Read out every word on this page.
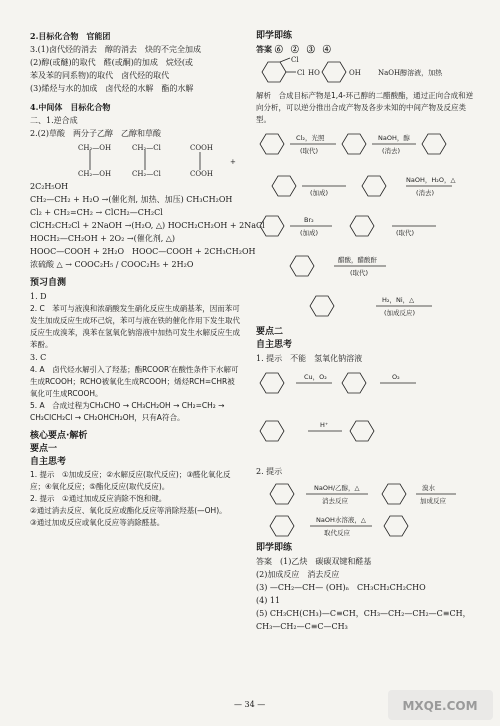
2.目标化合物　官能团
3.(1)卤代烃的消去　醇的消去　炔的不完全加成
(2)醇(或醚)的取代　醛(或酮)的加成　烷烃(或
苯及苯的同系物)的取代　卤代烃的取代
(3)烯烃与水的加成　卤代烃的水解　酯的水解
4.中间体　目标化合物
二、1.逆合成
2.(2)草酸　两分子乙醇　乙醇和草酸
CH₂—OH
CH₂—OH
CH₂—Cl
CH₂—Cl
COOH
COOH
+
2C₂H₅OH
CH₂—CH₂ + H₂O →(催化剂, 加热、加压) CH₃CH₂OH
Cl₂ + CH₂=CH₂ → ClCH₂—CH₂Cl
ClCH₂CH₂Cl + 2NaOH →(H₂O, △) HOCH₂CH₂OH + 2NaCl
HOCH₂—CH₂OH + 2O₂ →(催化剂, △)
HOOC—COOH + 2H₂O　HOOC—COOH + 2CH₃CH₂OH
浓硫酸 △ → COOC₂H₅ / COOC₂H₅ + 2H₂O
预习自测
1. D
2. C　苯可与液溴和浓硝酸发生硝化反应生成硝基苯，因而苯可发生加成反应生成环己烷，苯可与液在铁的催化作用下发生取代反应生成溴苯，溴苯在氢氧化钠溶液中加热可发生水解反应生成苯酚。
3. C
4. A　卤代烃水解引入了羟基；酯RCOOR′在酸性条件下水解可生成RCOOH；RCHO被氧化生成RCOOH；烯烃RCH=CHR被氧化可生成RCOOH。
5. A　合成过程为CH₃CHO → CH₃CH₂OH → CH₂=CH₂ → CH₂ClCH₂Cl → CH₂OHCH₂OH，只有A符合。
核心要点·解析
要点一
自主思考
1. 提示　①加成反应；②水解反应(取代反应)；③醛化氧化反应；④氧化反应；⑤酯化反应(取代反应)。
2. 提示　①通过加成反应消除不饱和键。
②通过消去反应、氧化反应或酯化反应等消除羟基(—OH)。
③通过加成反应或氧化反应等消除醛基。
即学即练
答案 ⑥　②　③　④
Cl
Cl HO	OH NaOH醇溶液，加热
解析　合成目标产物是1,4-环己醇的二醋酸酯，通过正向合成和逆向分析，可以逆分推出合成产物及各步未知的中间产物及反应类型。
Cl₂，光照
(取代)
NaOH，醇
(消去)
(加成)
NaOH，H₂O，△
(消去)
Br₂
(加成)	(取代)
醋酸，醋酸酐
(取代)
H₂，Ni，△
(加成反应)
要点二
自主思考
1. 提示　不能　氢氧化钠溶液
Cu，O₂	O₂
H⁺
2. 提示
NaOH/乙醇，△
消去反应
溴水
加成反应
NaOH水溶液，△
取代反应
即学即练
答案　(1)乙炔　碳碳双键和醛基
(2)加成反应　消去反应
(3) —CH₂—CH— (OH)ₙ　CH₃CH₂CH₂CHO
(4) 11
(5) CH₃CH(CH₃)—C≡CH，CH₃—CH₂—CH₂—C≡CH，
CH₃—CH₂—C≡C—CH₃
— 34 —	MXQE.COM
